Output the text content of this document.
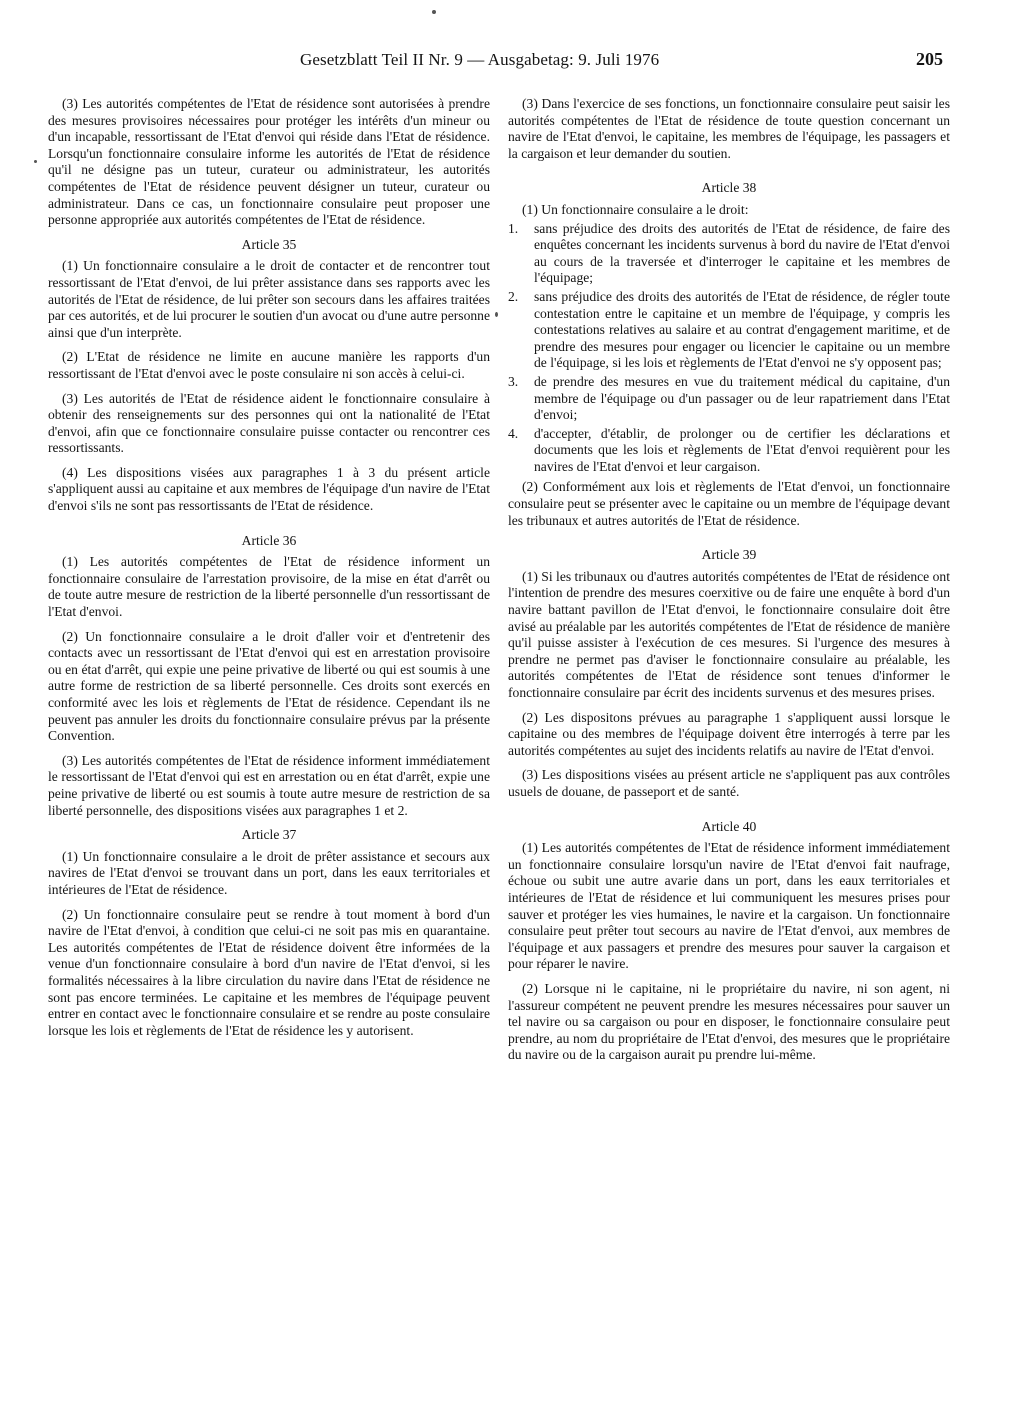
Gesetzblatt Teil II Nr. 9 — Ausgabetag: 9. Juli 1976	205

(3) Les autorités compétentes de l'Etat de résidence sont autorisées à prendre des mesures provisoires nécessaires pour protéger les intérêts d'un mineur ou d'un incapable, ressortissant de l'Etat d'envoi qui réside dans l'Etat de résidence. Lorsqu'un fonctionnaire consulaire informe les autorités de l'Etat de résidence qu'il ne désigne pas un tuteur, curateur ou administrateur, les autorités compétentes de l'Etat de résidence peuvent désigner un tuteur, curateur ou administrateur. Dans ce cas, un fonctionnaire consulaire peut proposer une personne appropriée aux autorités compétentes de l'Etat de résidence.

Article 35

(1) Un fonctionnaire consulaire a le droit de contacter et de rencontrer tout ressortissant de l'Etat d'envoi, de lui prêter assistance dans ses rapports avec les autorités de l'Etat de résidence, de lui prêter son secours dans les affaires traitées par ces autorités, et de lui procurer le soutien d'un avocat ou d'une autre personne ainsi que d'un interprète.

(2) L'Etat de résidence ne limite en aucune manière les rapports d'un ressortissant de l'Etat d'envoi avec le poste consulaire ni son accès à celui-ci.

(3) Les autorités de l'Etat de résidence aident le fonctionnaire consulaire à obtenir des renseignements sur des personnes qui ont la nationalité de l'Etat d'envoi, afin que ce fonctionnaire consulaire puisse contacter ou rencontrer ces ressortissants.

(4) Les dispositions visées aux paragraphes 1 à 3 du présent article s'appliquent aussi au capitaine et aux membres de l'équipage d'un navire de l'Etat d'envoi s'ils ne sont pas ressortissants de l'Etat de résidence.

Article 36

(1) Les autorités compétentes de l'Etat de résidence informent un fonctionnaire consulaire de l'arrestation provisoire, de la mise en état d'arrêt ou de toute autre mesure de restriction de la liberté personnelle d'un ressortissant de l'Etat d'envoi.

(2) Un fonctionnaire consulaire a le droit d'aller voir et d'entretenir des contacts avec un ressortissant de l'Etat d'envoi qui est en arrestation provisoire ou en état d'arrêt, qui expie une peine privative de liberté ou qui est soumis à une autre forme de restriction de sa liberté personnelle. Ces droits sont exercés en conformité avec les lois et règlements de l'Etat de résidence. Cependant ils ne peuvent pas annuler les droits du fonctionnaire consulaire prévus par la présente Convention.

(3) Les autorités compétentes de l'Etat de résidence informent immédiatement le ressortissant de l'Etat d'envoi qui est en arrestation ou en état d'arrêt, expie une peine privative de liberté ou est soumis à toute autre mesure de restriction de sa liberté personnelle, des dispositions visées aux paragraphes 1 et 2.

Article 37

(1) Un fonctionnaire consulaire a le droit de prêter assistance et secours aux navires de l'Etat d'envoi se trouvant dans un port, dans les eaux territoriales et intérieures de l'Etat de résidence.

(2) Un fonctionnaire consulaire peut se rendre à tout moment à bord d'un navire de l'Etat d'envoi, à condition que celui-ci ne soit pas mis en quarantaine. Les autorités compétentes de l'Etat de résidence doivent être informées de la venue d'un fonctionnaire consulaire à bord d'un navire de l'Etat d'envoi, si les formalités nécessaires à la libre circulation du navire dans l'Etat de résidence ne sont pas encore terminées. Le capitaine et les membres de l'équipage peuvent entrer en contact avec le fonctionnaire consulaire et se rendre au poste consulaire lorsque les lois et règlements de l'Etat de résidence les y autorisent.

(3) Dans l'exercice de ses fonctions, un fonctionnaire consulaire peut saisir les autorités compétentes de l'Etat de résidence de toute question concernant un navire de l'Etat d'envoi, le capitaine, les membres de l'équipage, les passagers et la cargaison et leur demander du soutien.

Article 38

(1) Un fonctionnaire consulaire a le droit:

1.	sans préjudice des droits des autorités de l'Etat de résidence, de faire des enquêtes concernant les incidents survenus à bord du navire de l'Etat d'envoi au cours de la traversée et d'interroger le capitaine et les membres de l'équipage;
2.	sans préjudice des droits des autorités de l'Etat de résidence, de régler toute contestation entre le capitaine et un membre de l'équipage, y compris les contestations relatives au salaire et au contrat d'engagement maritime, et de prendre des mesures pour engager ou licencier le capitaine ou un membre de l'équipage, si les lois et règlements de l'Etat d'envoi ne s'y opposent pas;
3.	de prendre des mesures en vue du traitement médical du capitaine, d'un membre de l'équipage ou d'un passager ou de leur rapatriement dans l'Etat d'envoi;
4.	d'accepter, d'établir, de prolonger ou de certifier les déclarations et documents que les lois et règlements de l'Etat d'envoi requièrent pour les navires de l'Etat d'envoi et leur cargaison.

(2) Conformément aux lois et règlements de l'Etat d'envoi, un fonctionnaire consulaire peut se présenter avec le capitaine ou un membre de l'équipage devant les tribunaux et autres autorités de l'Etat de résidence.

Article 39

(1) Si les tribunaux ou d'autres autorités compétentes de l'Etat de résidence ont l'intention de prendre des mesures coerxitive ou de faire une enquête à bord d'un navire battant pavillon de l'Etat d'envoi, le fonctionnaire consulaire doit être avisé au préalable par les autorités compétentes de l'Etat de résidence de manière qu'il puisse assister à l'exécution de ces mesures. Si l'urgence des mesures à prendre ne permet pas d'aviser le fonctionnaire consulaire au préalable, les autorités compétentes de l'Etat de résidence sont tenues d'informer le fonctionnaire consulaire par écrit des incidents survenus et des mesures prises.

(2) Les dispositons prévues au paragraphe 1 s'appliquent aussi lorsque le capitaine ou des membres de l'équipage doivent être interrogés à terre par les autorités compétentes au sujet des incidents relatifs au navire de l'Etat d'envoi.

(3) Les dispositions visées au présent article ne s'appliquent pas aux contrôles usuels de douane, de passeport et de santé.

Article 40

(1) Les autorités compétentes de l'Etat de résidence informent immédiatement un fonctionnaire consulaire lorsqu'un navire de l'Etat d'envoi fait naufrage, échoue ou subit une autre avarie dans un port, dans les eaux territoriales et intérieures de l'Etat de résidence et lui communiquent les mesures prises pour sauver et protéger les vies humaines, le navire et la cargaison. Un fonctionnaire consulaire peut prêter tout secours au navire de l'Etat d'envoi, aux membres de l'équipage et aux passagers et prendre des mesures pour sauver la cargaison et pour réparer le navire.

(2) Lorsque ni le capitaine, ni le propriétaire du navire, ni son agent, ni l'assureur compétent ne peuvent prendre les mesures nécessaires pour sauver un tel navire ou sa cargaison ou pour en disposer, le fonctionnaire consulaire peut prendre, au nom du propriétaire de l'Etat d'envoi, des mesures que le propriétaire du navire ou de la cargaison aurait pu prendre lui-même.
